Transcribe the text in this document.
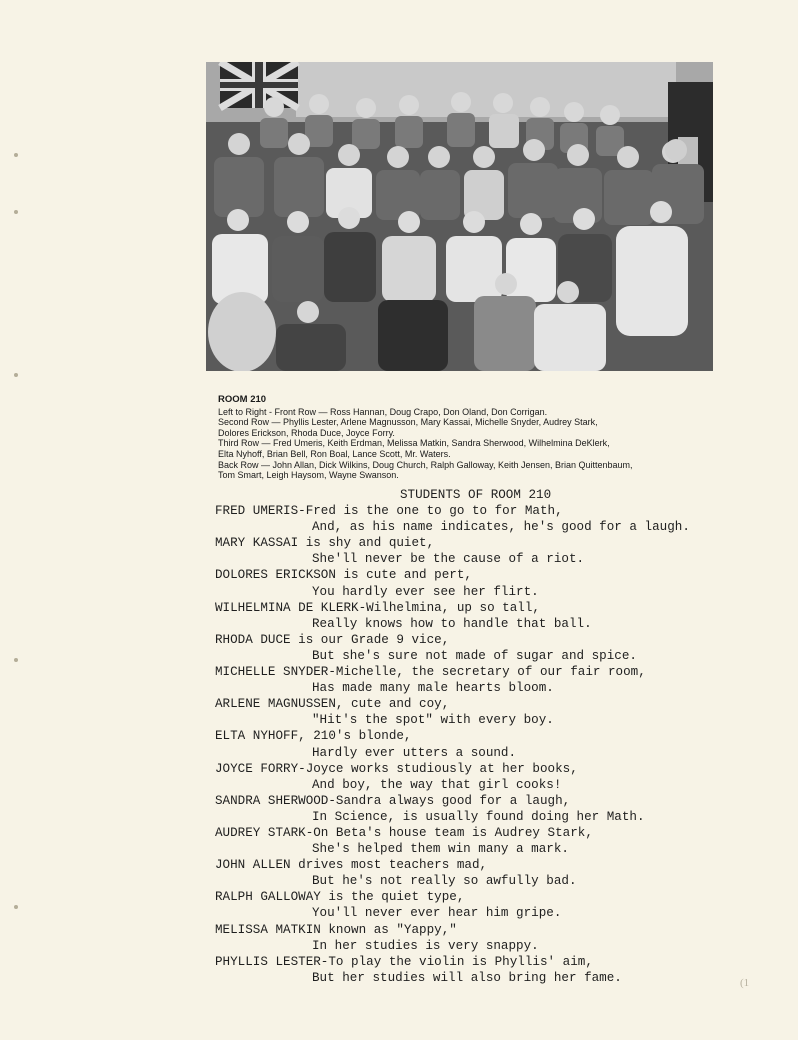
ROOM 210
Left to Right - Front Row — Ross Hannan, Doug Crapo, Don Oland, Don Corrigan.
Second Row — Phyllis Lester, Arlene Magnusson, Mary Kassai, Michelle Snyder, Audrey Stark,
Dolores Erickson, Rhoda Duce, Joyce Forry.
Third Row — Fred Umeris, Keith Erdman, Melissa Matkin, Sandra Sherwood, Wilhelmina DeKlerk,
Elta Nyhoff, Brian Bell, Ron Boal, Lance Scott, Mr. Waters.
Back Row — John Allan, Dick Wilkins, Doug Church, Ralph Galloway, Keith Jensen, Brian Quittenbaum,
Tom Smart, Leigh Haysom, Wayne Swanson.
STUDENTS OF ROOM 210
FRED UMERIS-Fred is the one to go to for Math,
And, as his name indicates, he's good for a laugh.
MARY KASSAI is shy and quiet,
She'll never be the cause of a riot.
DOLORES ERICKSON is cute and pert,
You hardly ever see her flirt.
WILHELMINA DE KLERK-Wilhelmina, up so tall,
Really knows how to handle that ball.
RHODA DUCE is our Grade 9 vice,
But she's sure not made of sugar and spice.
MICHELLE SNYDER-Michelle, the secretary of our fair room,
Has made many male hearts bloom.
ARLENE MAGNUSSEN, cute and coy,
"Hit's the spot" with every boy.
ELTA NYHOFF, 210's blonde,
Hardly ever utters a sound.
JOYCE FORRY-Joyce works studiously at her books,
And boy, the way that girl cooks!
SANDRA SHERWOOD-Sandra always good for a laugh,
In Science, is usually found doing her Math.
AUDREY STARK-On Beta's house team is Audrey Stark,
She's helped them win many a mark.
JOHN ALLEN drives most teachers mad,
But he's not really so awfully bad.
RALPH GALLOWAY is the quiet type,
You'll never ever hear him gripe.
MELISSA MATKIN known as "Yappy,"
In her studies is very snappy.
PHYLLIS LESTER-To play the violin is Phyllis' aim,
But her studies will also bring her fame.	(1
